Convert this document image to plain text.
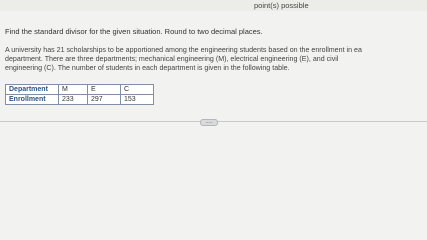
point(s) possible
Find the standard divisor for the given situation. Round to two decimal places.
A university has 21 scholarships to be apportioned among the engineering students based on the enrollment in ea
department. There are three departments; mechanical engineering (M), electrical engineering (E), and civil
engineering (C). The number of students in each department is given in the following table.
Department	M	E	C
Enrollment	233	297	153
.....
